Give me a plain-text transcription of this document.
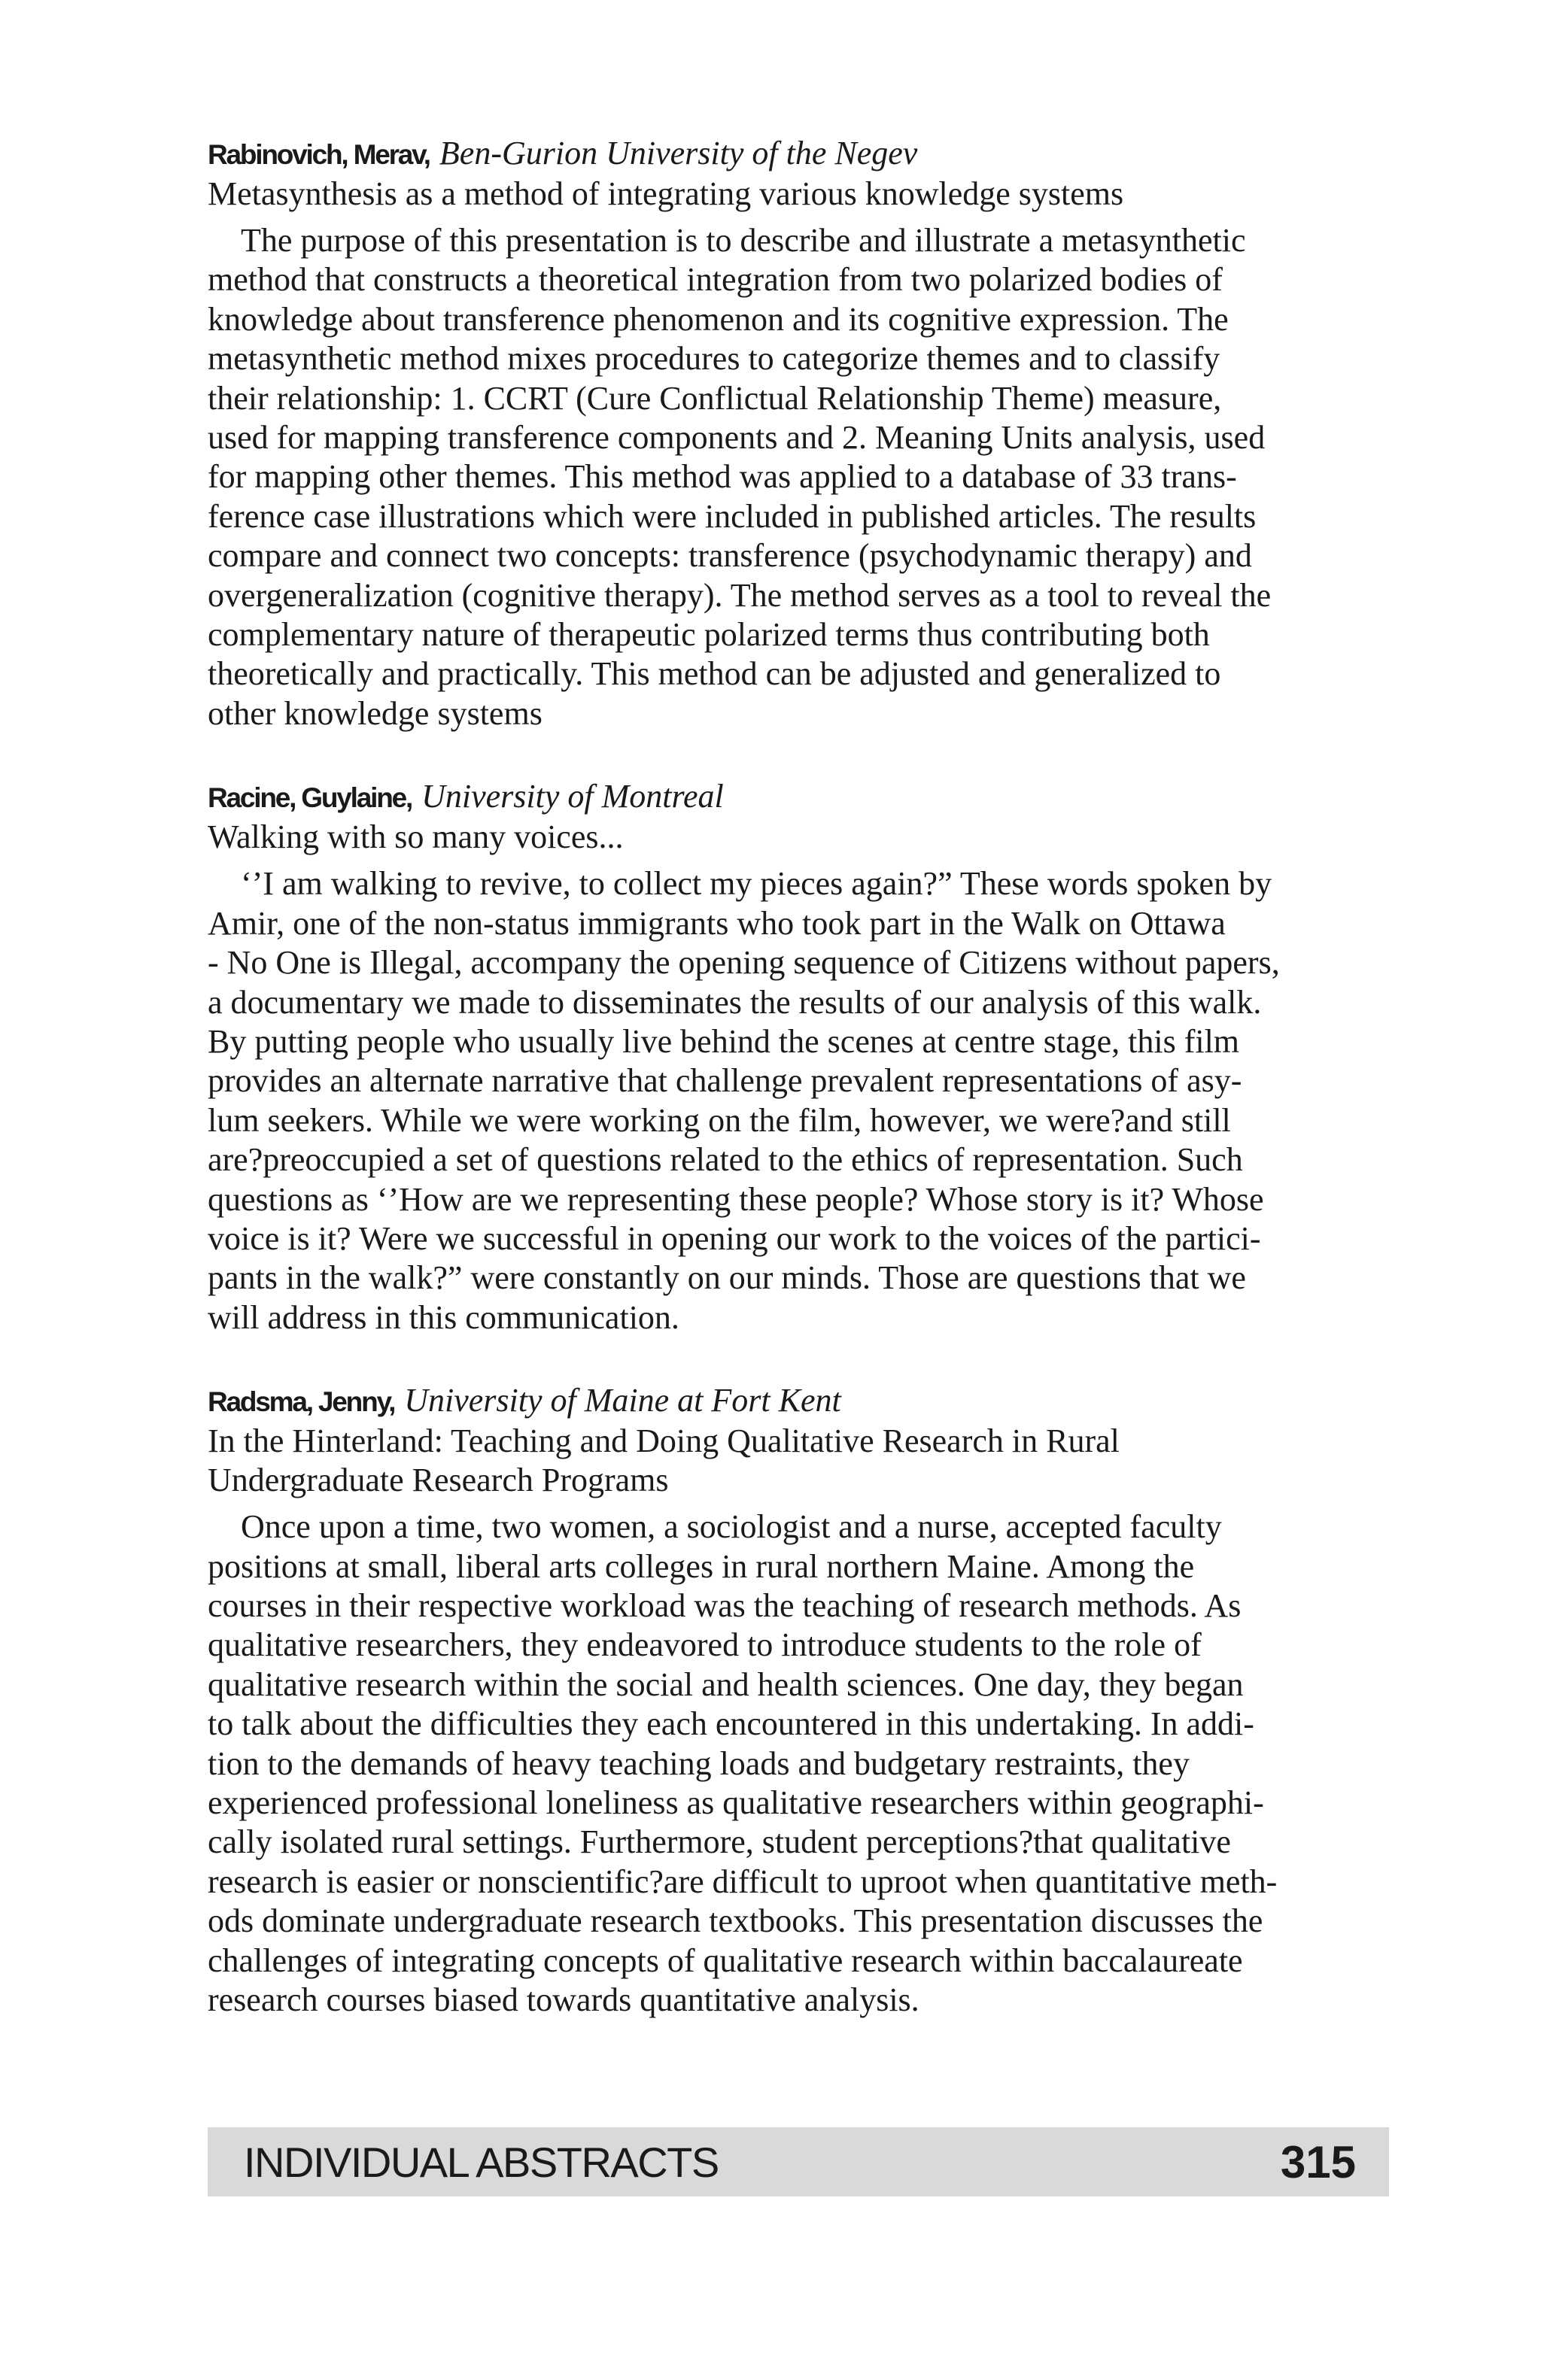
Rabinovich, Merav, Ben-Gurion University of the Negev

Metasynthesis as a method of integrating various knowledge systems

The purpose of this presentation is to describe and illustrate a metasynthetic
method that constructs a theoretical integration from two polarized bodies of
knowledge about transference phenomenon and its cognitive expression. The
metasynthetic method mixes procedures to categorize themes and to classify
their relationship: 1. CCRT (Cure Conflictual Relationship Theme) measure,
used for mapping transference components and 2. Meaning Units analysis, used
for mapping other themes. This method was applied to a database of 33 trans-
ference case illustrations which were included in published articles. The results
compare and connect two concepts: transference (psychodynamic therapy) and
overgeneralization (cognitive therapy). The method serves as a tool to reveal the
complementary nature of therapeutic polarized terms thus contributing both
theoretically and practically. This method can be adjusted and generalized to
other knowledge systems

Racine, Guylaine, University of Montreal

Walking with so many voices...

‘’I am walking to revive, to collect my pieces again?” These words spoken by
Amir, one of the non-status immigrants who took part in the Walk on Ottawa
- No One is Illegal, accompany the opening sequence of Citizens without papers,
a documentary we made to disseminates the results of our analysis of this walk.
By putting people who usually live behind the scenes at centre stage, this film
provides an alternate narrative that challenge prevalent representations of asy-
lum seekers. While we were working on the film, however, we were?and still
are?preoccupied a set of questions related to the ethics of representation. Such
questions as ‘’How are we representing these people? Whose story is it? Whose
voice is it? Were we successful in opening our work to the voices of the partici-
pants in the walk?” were constantly on our minds. Those are questions that we
will address in this communication.

Radsma, Jenny, University of Maine at Fort Kent

In the Hinterland: Teaching and Doing Qualitative Research in Rural
Undergraduate Research Programs

Once upon a time, two women, a sociologist and a nurse, accepted faculty
positions at small, liberal arts colleges in rural northern Maine. Among the
courses in their respective workload was the teaching of research methods. As
qualitative researchers, they endeavored to introduce students to the role of
qualitative research within the social and health sciences. One day, they began
to talk about the difficulties they each encountered in this undertaking. In addi-
tion to the demands of heavy teaching loads and budgetary restraints, they
experienced professional loneliness as qualitative researchers within geographi-
cally isolated rural settings. Furthermore, student perceptions?that qualitative
research is easier or nonscientific?are difficult to uproot when quantitative meth-
ods dominate undergraduate research textbooks. This presentation discusses the
challenges of integrating concepts of qualitative research within baccalaureate
research courses biased towards quantitative analysis.

INDIVIDUAL ABSTRACTS	315
